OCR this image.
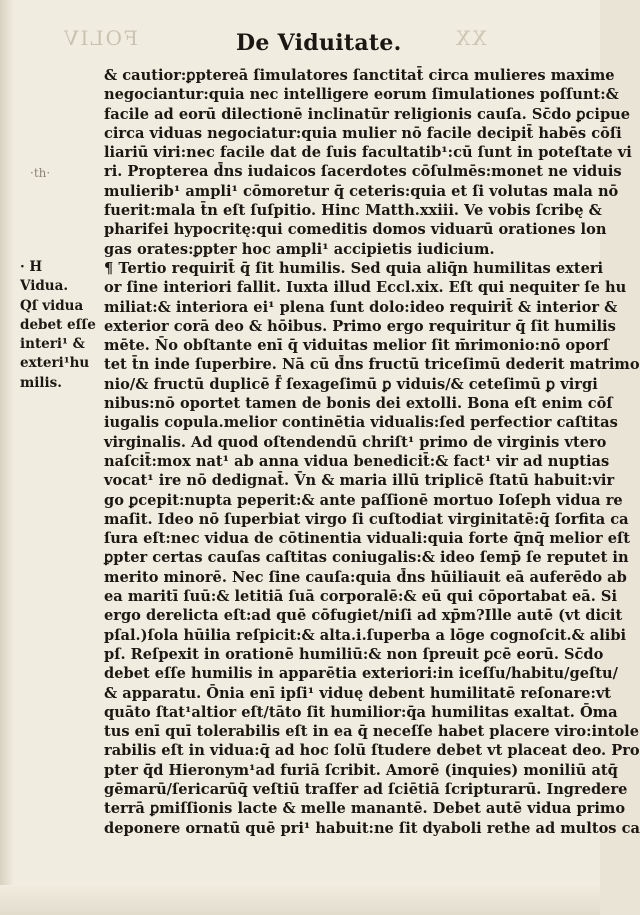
FOLIV	XX
De Viduitate.
·th·
· H
Vidua.
Qſ vidua
debet eſſe
interi¹ &
exteri¹hu
milis.
& cautior:ꝑptereā ſimulatores ſanctitat̄ circa mulieres maxime
negociantur:quia nec intelligere eorum ſimulationes poſſunt:&
facile ad eorū dilectionē inclinatūr religionis cauſa. Sc̄do ꝑcipue
circa viduas negociatur:quia mulier nō facile decipit̄ habēs cōſi
liariū viri:nec facile dat de ſuis facultatib¹:cū ſunt in poteſtate vi
ri. Propterea d̄ns iudaicos ſacerdotes cōſulmēs:monet ne viduis
mulierib¹ ampli¹ cōmoretur q̄ ceteris:quia et ſi volutas mala nō
fuerit:mala t̄n eſt ſuſpitio. Hinc Matth.xxiii. Ve vobis ſcribę &
pharifei hypocritę:qui comeditis domos viduarū orationes lon
gas orates:ꝑpter hoc ampli¹ accipietis iudicium.
¶ Tertio requirit̄ q̄ ſit humilis. Sed quia aliq̄n humilitas exteri
or ſine interiori fallit. Iuxta illud Eccl.xix. Eſt qui nequiter ſe hu
miliat:& interiora ei¹ plena ſunt dolo:ideo requirit̄ & interior &
exterior corā deo & hōibus. Primo ergo requiritur q̄ ſit humilis
mēte. N̄o obſtante enī q̄ viduitas melior ſit m̄rimonio:nō oporſ
tet t̄n inde ſuperbire. Nā cū d̄ns fructū triceſimū dederit matrimo
nio/& fructū duplicē f̄ ſexageſimū ꝑ viduis/& ceteſimū ꝑ virgi
nibus:nō oportet tamen de bonis dei extolli. Bona eſt enim cōſ
iugalis copula.melior continētia vidualis:ſed perfectior caſtitas
virginalis. Ad quod oſtendendū chriſt¹ primo de virginis vtero
naſcit̄:mox nat¹ ab anna vidua benedicit̄:& fact¹ vir ad nuptias
vocat¹ ire nō dedignat̄. V̄n & maria illū triplicē ſtatū habuit:vir
go ꝑcepit:nupta peperit:& ante paſſionē mortuo Ioſeph vidua re
maſit. Ideo nō ſuperbiat virgo ſi cuſtodiat virginitatē:q̄ ſorfita ca
ſura eſt:nec vidua de cōtinentia viduali:quia forte q̄nq̄ melior eſt
ꝑpter certas cauſas caſtitas coniugalis:& ideo ſemp̄ ſe reputet in
merito minorē. Nec ſine cauſa:quia d̄ns hūiliauit eā auferēdo ab
ea maritī ſuū:& letitiā ſuā corporalē:& eū qui cōportabat eā. Si
ergo derelicta eſt:ad quē cōfugiet/niſi ad xp̄m?Ille autē (vt dicit
pſal.)ſola hūilia reſpicit:& alta.i.ſuperba a lōge cognoſcit.& alibi
pſ. Reſpexit in orationē humiliū:& non ſpreuit ꝑcē eorū. Sc̄do
debet eſſe humilis in apparētia exteriori:in iceſſu/habitu/geſtu/
& apparatu. Ōnia enī ipſi¹ viduę debent humilitatē reſonare:vt
quāto ſtat¹altior eſt/tāto ſit humilior:q̄a humilitas exaltat. Ōma
tus enī quī tolerabilis eſt in ea q̄ neceſſe habet placere viro:intole
rabilis eſt in vidua:q̄ ad hoc ſolū ſtudere debet vt placeat deo. Pro
pter q̄d Hieronym¹ad furiā ſcribit. Amorē (inquies) moniliū atq̄
gēmarū/ſericarūq̄ veſtiū traſfer ad ſciētiā ſcripturarū. Ingredere
terrā ꝑmiſſionis lacte & melle manantē. Debet autē vidua primo
deponere ornatū quē pri¹ habuit:ne ſit dyaboli rethe ad multos ca
